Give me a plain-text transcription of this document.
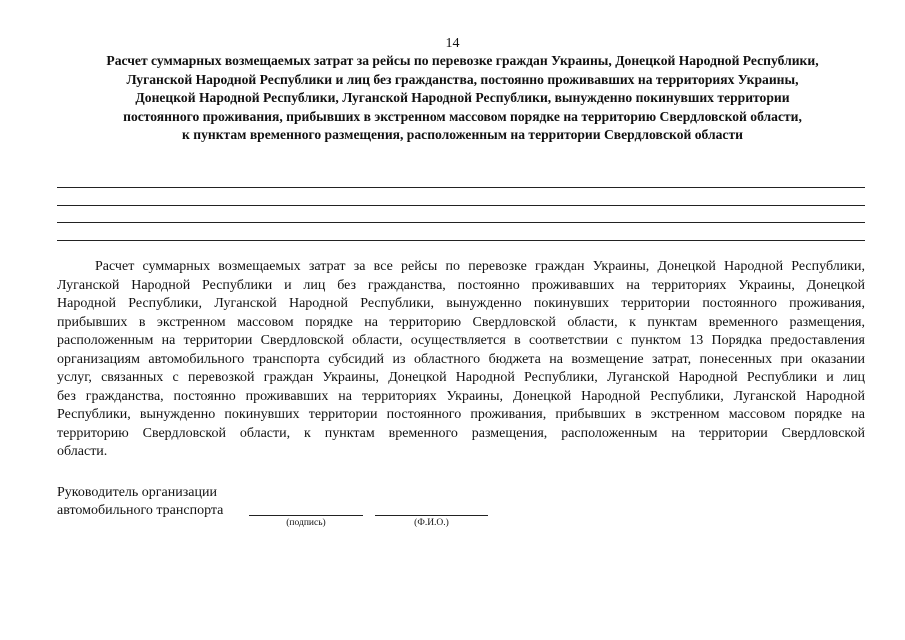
14
Расчет суммарных возмещаемых затрат за рейсы по перевозке граждан Украины, Донецкой Народной Республики,
Луганской Народной Республики и лиц без гражданства, постоянно проживавших на территориях Украины,
Донецкой Народной Республики, Луганской Народной Республики, вынужденно покинувших территории
постоянного проживания, прибывших в экстренном массовом порядке на территорию Свердловской области,
к пунктам временного размещения, расположенным на территории Свердловской области
Расчет суммарных возмещаемых затрат за все рейсы по перевозке граждан Украины, Донецкой Народной Республики,
Луганской Народной Республики и лиц без гражданства, постоянно проживавших на территориях Украины, Донецкой
Народной Республики, Луганской Народной Республики, вынужденно покинувших территории постоянного проживания,
прибывших в экстренном массовом порядке на территорию Свердловской области, к пунктам временного размещения,
расположенным на территории Свердловской области, осуществляется в соответствии с пунктом 13 Порядка предоставления
организациям автомобильного транспорта субсидий из областного бюджета на возмещение затрат, понесенных при оказании
услуг, связанных с перевозкой граждан Украины, Донецкой Народной Республики, Луганской Народной Республики и лиц
без гражданства, постоянно проживавших на территориях Украины, Донецкой Народной Республики, Луганской Народной
Республики, вынужденно покинувших территории постоянного проживания, прибывших в экстренном массовом порядке на
территорию Свердловской области, к пунктам временного размещения, расположенным на территории Свердловской
области.
Руководитель организации
автомобильного транспорта
(подпись)	(Ф.И.О.)
